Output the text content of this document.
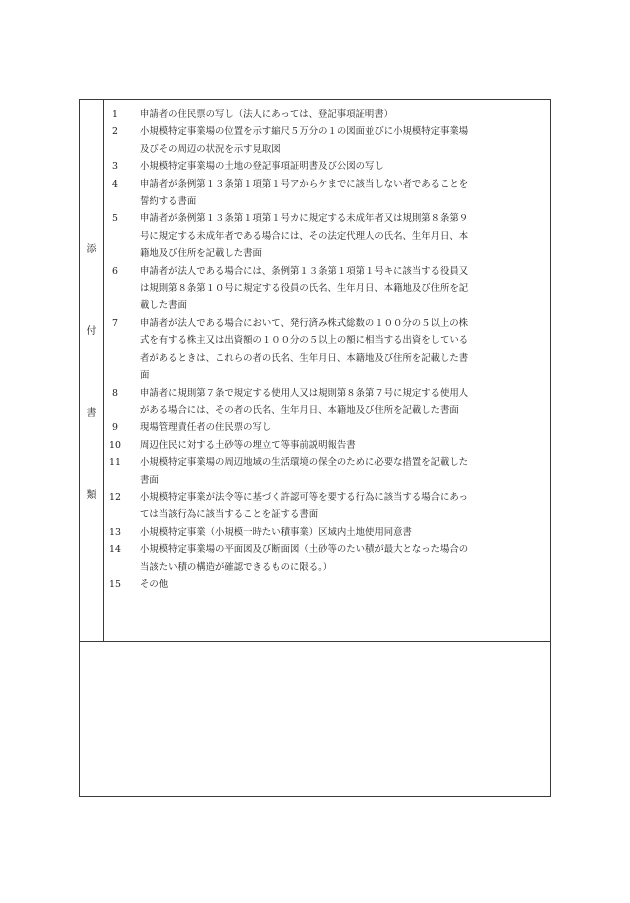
添
付
書
類
1	申請者の住民票の写し（法人にあっては、登記事項証明書）
2	小規模特定事業場の位置を示す縮尺５万分の１の図面並びに小規模特定事業場
及びその周辺の状況を示す見取図
3	小規模特定事業場の土地の登記事項証明書及び公図の写し
4	申請者が条例第１３条第１項第１号アからケまでに該当しない者であることを
誓約する書面
5	申請者が条例第１３条第１項第１号カに規定する未成年者又は規則第８条第９
号に規定する未成年者である場合には、その法定代理人の氏名、生年月日、本
籍地及び住所を記載した書面
6	申請者が法人である場合には、条例第１３条第１項第１号キに該当する役員又
は規則第８条第１０号に規定する役員の氏名、生年月日、本籍地及び住所を記
載した書面
7	申請者が法人である場合において、発行済み株式総数の１００分の５以上の株
式を有する株主又は出資額の１００分の５以上の額に相当する出資をしている
者があるときは、これらの者の氏名、生年月日、本籍地及び住所を記載した書
面
8	申請者に規則第７条で規定する使用人又は規則第８条第７号に規定する使用人
がある場合には、その者の氏名、生年月日、本籍地及び住所を記載した書面
9	現場管理責任者の住民票の写し
10	周辺住民に対する土砂等の埋立て等事前説明報告書
11	小規模特定事業場の周辺地域の生活環境の保全のために必要な措置を記載した
書面
12	小規模特定事業が法令等に基づく許認可等を要する行為に該当する場合にあっ
ては当該行為に該当することを証する書面
13	小規模特定事業（小規模一時たい積事業）区域内土地使用同意書
14	小規模特定事業場の平面図及び断面図（土砂等のたい積が最大となった場合の
当該たい積の構造が確認できるものに限る。）
15	その他
